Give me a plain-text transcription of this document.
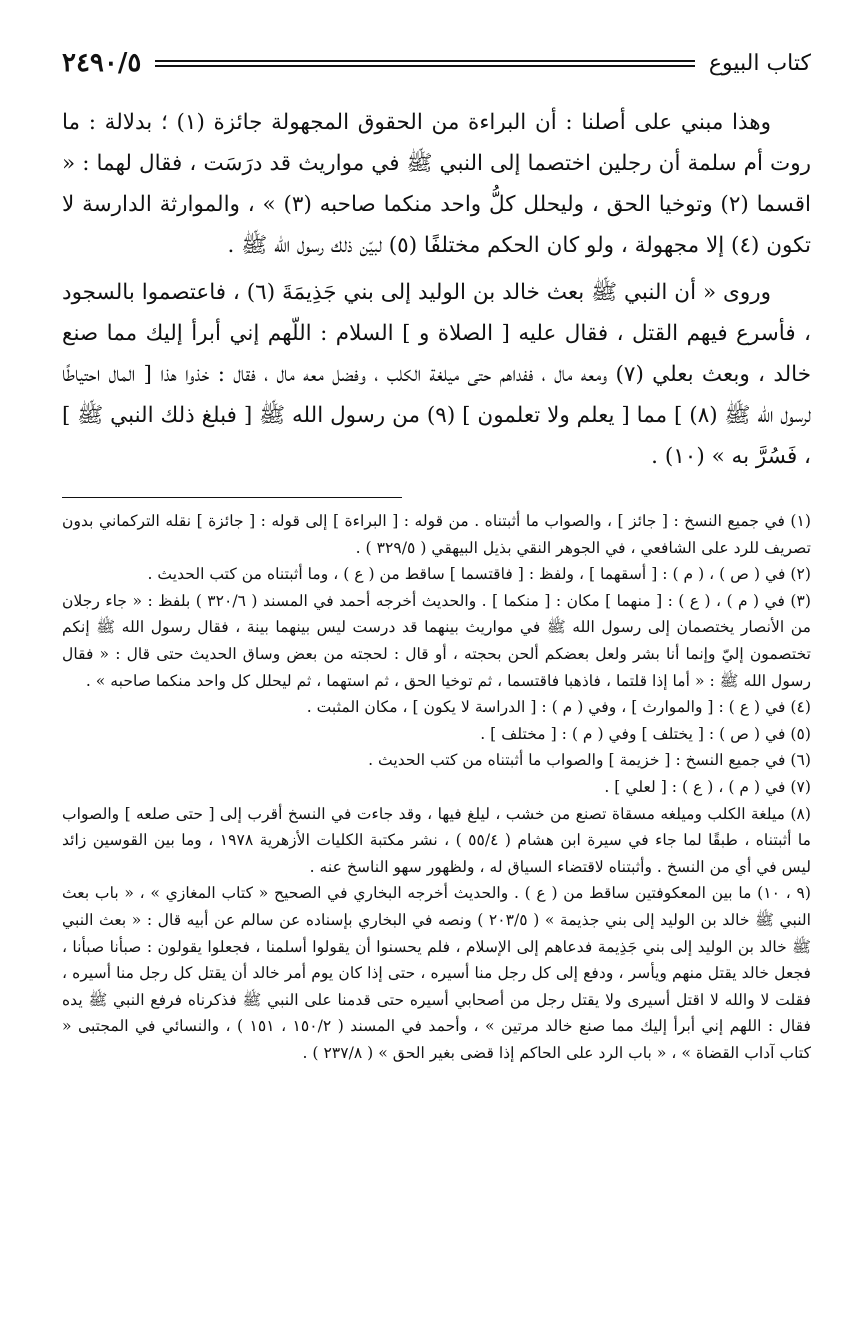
كتاب البيوع
٢٤٩٠/٥

وهذا مبني على أصلنا : أن البراءة من الحقوق المجهولة جائزة (١) ؛ بدلالة : ما روت أم سلمة أن رجلين اختصما إلى النبي ﷺ في مواريث قد درَسَت ، فقال لهما : « اقسما (٢) وتوخيا الحق ، وليحلل كلُّ واحد منكما صاحبه (٣) » ، والموارثة الدارسة لا تكون (٤) إلا مجهولة ، ولو كان الحكم مختلفًا (٥) لبيّن ذلك رسول الله ﷺ .

وروى « أن النبي ﷺ بعث خالد بن الوليد إلى بني جَذِيمَةَ (٦) ، فاعتصموا بالسجود ، فأسرع فيهم القتل ، فقال عليه [ الصلاة و ] السلام : اللّهم إني أبرأ إليك مما صنع خالد ، وبعث بعلي (٧) ومعه مال ، ففداهم حتى ميلغة الكلب ، وفضل معه مال ، فقال : خذوا هذا [ المال احتياطًا لرسول الله ﷺ (٨) ] مما [ يعلم ولا تعلمون ] (٩) من رسول الله ﷺ [ فبلغ ذلك النبي ﷺ ] ، فَسُرَّ به » (١٠) .

(١) في جميع النسخ : [ جائز ] ، والصواب ما أثبتناه . من قوله : [ البراءة ] إلى قوله : [ جائزة ] نقله التركماني بدون تصريف للرد على الشافعي ، في الجوهر النقي بذيل البيهقي ( ٣٢٩/٥ ) .

(٢) في ( ص ) ، ( م ) : [ أسقهما ] ، ولفظ : [ فاقتسما ] ساقط من ( ع ) ، وما أثبتناه من كتب الحديث .

(٣) في ( م ) ، ( ع ) : [ منهما ] مكان : [ منكما ] . والحديث أخرجه أحمد في المسند ( ٣٢٠/٦ ) بلفظ : « جاء رجلان من الأنصار يختصمان إلى رسول الله ﷺ في مواريث بينهما قد درست ليس بينهما بينة ، فقال رسول الله ﷺ إنكم تختصمون إليّ وإنما أنا بشر ولعل بعضكم ألحن بحجته ، أو قال : لحجته من بعض وساق الحديث حتى قال : « فقال رسول الله ﷺ : « أما إذا قلتما ، فاذهبا فاقتسما ، ثم توخيا الحق ، ثم استهما ، ثم ليحلل كل واحد منكما صاحبه » .

(٤) في ( ع ) : [ والموارث ] ، وفي ( م ) : [ الدراسة لا يكون ] ، مكان المثبت .

(٥) في ( ص ) : [ يختلف ] وفي ( م ) : [ مختلف ] .

(٦) في جميع النسخ : [ خزيمة ] والصواب ما أثبتناه من كتب الحديث .

(٧) في ( م ) ، ( ع ) : [ لعلي ] .

(٨) ميلغة الكلب وميلغه مسقاة تصنع من خشب ، ليلغ فيها ، وقد جاءت في النسخ أقرب إلى [ حتى صلعه ] والصواب ما أثبتناه ، طبقًا لما جاء في سيرة ابن هشام ( ٥٥/٤ ) ، نشر مكتبة الكليات الأزهرية ١٩٧٨ ، وما بين القوسين زائد ليس في أي من النسخ . وأثبتناه لاقتضاء السياق له ، ولظهور سهو الناسخ عنه .

(٩ ، ١٠) ما بين المعكوفتين ساقط من ( ع ) . والحديث أخرجه البخاري في الصحيح « كتاب المغازي » ، « باب بعث النبي ﷺ خالد بن الوليد إلى بني جذيمة » ( ٢٠٣/٥ ) ونصه في البخاري بإسناده عن سالم عن أبيه قال : « بعث النبي ﷺ خالد بن الوليد إلى بني جَذِيمة فدعاهم إلى الإسلام ، فلم يحسنوا أن يقولوا أسلمنا ، فجعلوا يقولون : صبأنا صبأنا ، فجعل خالد يقتل منهم ويأسر ، ودفع إلى كل رجل منا أسيره ، حتى إذا كان يوم أمر خالد أن يقتل كل رجل منا أسيره ، فقلت لا والله لا اقتل أسيرى ولا يقتل رجل من أصحابي أسيره حتى قدمنا على النبي ﷺ فذكرناه فرفع النبي ﷺ يده فقال : اللهم إني أبرأ إليك مما صنع خالد مرتين » ، وأحمد في المسند ( ١٥٠/٢ ، ١٥١ ) ، والنسائي في المجتبى « كتاب آداب القضاة » ، « باب الرد على الحاكم إذا قضى بغير الحق » ( ٢٣٧/٨ ) .
